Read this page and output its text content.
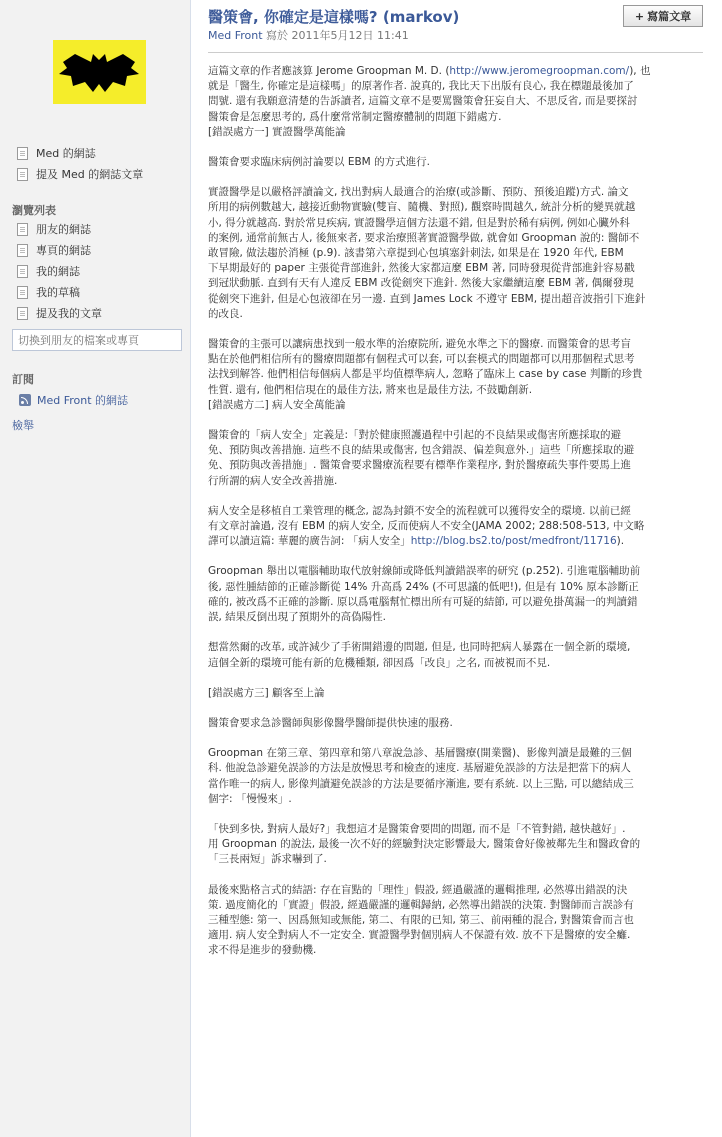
Med 的網誌
提及 Med 的網誌文章
瀏覽列表
朋友的網誌
專頁的網誌
我的網誌
我的草稿
提及我的文章
切換到朋友的檔案或專頁
訂閱
Med Front 的網誌
檢舉
醫策會, 你確定是這樣嗎? (markov)
Med Front 寫於 2011年5月12日 11:41
+ 寫篇文章

這篇文章的作者應該算 Jerome Groopman M. D. (http://www.jeromegroopman.com/), 也
就是「醫生, 你確定是這樣嗎」的原著作者. 說真的, 我比天下出版有良心, 我在標題最後加了
問號. 還有我願意清楚的告訴讀者, 這篇文章不是要罵醫策會狂妄自大、不思反省, 而是要探討
醫策會是怎麼思考的, 爲什麼常常制定醫療體制的問題下錯處方.
[錯誤處方一] 實證醫學萬能論

醫策會要求臨床病例討論要以 EBM 的方式進行.

實證醫學是以嚴格評讀論文, 找出對病人最適合的治療(或診斷、預防、預後追蹤)方式. 論文
所用的病例數越大, 越接近動物實驗(雙盲、隨機、對照), 觀察時間越久, 統計分析的變異就越
小, 得分就越高. 對於常見疾病, 實證醫學這個方法還不錯, 但是對於稀有病例, 例如心臟外科
的案例, 通常前無古人, 後無來者, 要求治療照著實證醫學做, 就會如 Groopman 說的: 醫師不
敢冒險, 做法趨於消極 (p.9). 該書第六章提到心包填塞針刺法, 如果是在 1920 年代, EBM
下早期最好的 paper 主張從背部進針, 然後大家都這麼 EBM 著, 同時發現從背部進針容易戳
到冠狀動脈. 直到有天有人違反 EBM 改從劍突下進針. 然後大家繼續這麼 EBM 著, 偶爾發現
從劍突下進針, 但是心包液卻在另一邊. 直到 James Lock 不遵守 EBM, 提出超音波指引下進針
的改良.

醫策會的主張可以讓病患找到一般水準的治療院所, 避免水準之下的醫療. 而醫策會的思考盲
點在於他們相信所有的醫療問題都有個程式可以套, 可以套模式的問題都可以用那個程式思考
法找到解答. 他們相信每個病人都是平均值標準病人, 忽略了臨床上 case by case 判斷的珍貴
性質. 還有, 他們相信現在的最佳方法, 將來也是最佳方法, 不鼓勵創新.
[錯誤處方二] 病人安全萬能論

醫策會的「病人安全」定義是:「對於健康照護過程中引起的不良結果或傷害所應採取的避
免、預防與改善措施. 這些不良的結果或傷害, 包含錯誤、偏差與意外.」這些「所應採取的避
免、預防與改善措施」. 醫策會要求醫療流程要有標準作業程序, 對於醫療疏失事件要馬上進
行所謂的病人安全改善措施.

病人安全是移植自工業管理的概念, 認為封鎖不安全的流程就可以獲得安全的環境. 以前已經
有文章討論過, 沒有 EBM 的病人安全, 反而使病人不安全(JAMA 2002; 288:508-513, 中文略
譯可以讀這篇: 華麗的廣告詞: 「病人安全」http://blog.bs2.to/post/medfront/11716).

Groopman 舉出以電腦輔助取代放射線師或降低判讀錯誤率的研究 (p.252). 引進電腦輔助前
後, 惡性腫結節的正確診斷從 14% 升高爲 24% (不可思議的低吧!), 但是有 10% 原本診斷正
確的, 被改爲不正確的診斷. 原以爲電腦幫忙標出所有可疑的結節, 可以避免掛萬漏一的判讀錯
誤, 結果反倒出現了預期外的高偽陽性.

想當然爾的改革, 或許減少了手術開錯邊的問題, 但是, 也同時把病人暴露在一個全新的環境,
這個全新的環境可能有新的危機種類, 卻因爲「改良」之名, 而被視而不見.

[錯誤處方三] 顧客至上論

醫策會要求急診醫師與影像醫學醫師提供快速的服務.

Groopman 在第三章、第四章和第八章說急診、基層醫療(開業醫)、影像判讀是最難的三個
科. 他說急診避免誤診的方法是放慢思考和檢查的速度. 基層避免誤診的方法是把當下的病人
當作唯一的病人, 影像判讀避免誤診的方法是要循序漸進, 要有系統. 以上三點, 可以總結成三
個字: 「慢慢來」.

「快到多快, 對病人最好?」我想這才是醫策會要問的問題, 而不是「不管對錯, 越快越好」.
用 Groopman 的說法, 最後一次不好的經驗對決定影響最大, 醫策會好像被鄰先生和醫政會的
「三長兩短」訴求嚇到了.

最後來點格言式的結語: 存在盲點的「理性」假設, 經過嚴謹的邏輯推理, 必然導出錯誤的決
策. 過度簡化的「實證」假設, 經過嚴謹的邏輯歸納, 必然導出錯誤的決策. 對醫師而言誤診有
三種型態: 第一、因爲無知或無能, 第二、有限的已知, 第三、前兩種的混合, 對醫策會而言也
適用. 病人安全對病人不一定安全. 實證醫學對個別病人不保證有效. 放不下是醫療的安全癱.
求不得是進步的發動機.
